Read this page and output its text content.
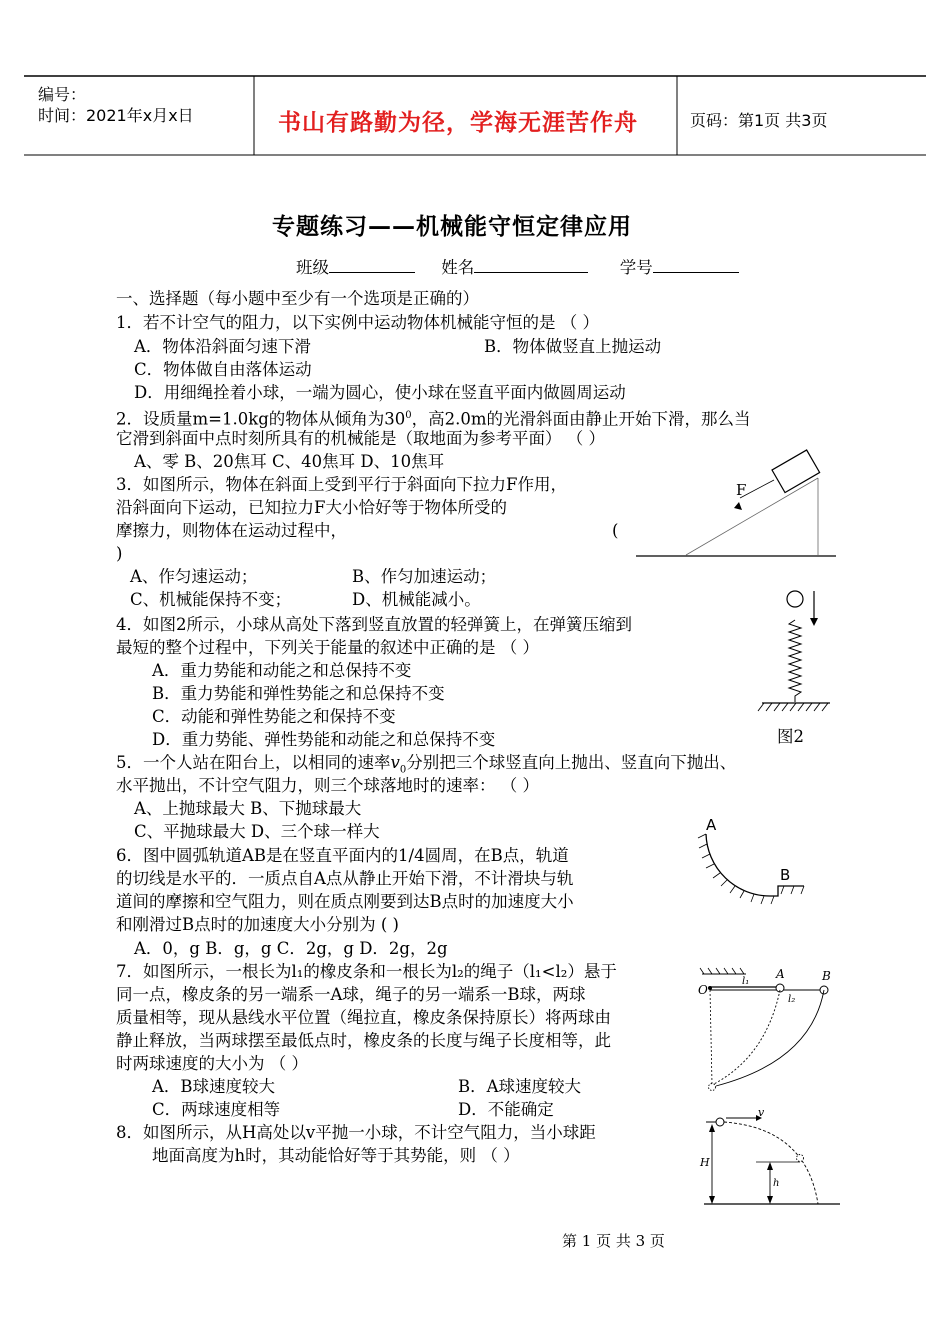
编号：
时间：2021年x月x日	书山有路勤为径，学海无涯苦作舟	页码：第1页 共3页
专题练习——机械能守恒定律应用
班级	姓名	学号
一、选择题（每小题中至少有一个选项是正确的）
1．若不计空气的阻力，以下实例中运动物体机械能守恒的是 （ ）
A．物体沿斜面匀速下滑	B．物体做竖直上抛运动
C．物体做自由落体运动
D．用细绳拴着小球，一端为圆心，使小球在竖直平面内做圆周运动
2．设质量m=1.0kg的物体从倾角为$30^0$，高2.0m的光滑斜面由静止开始下滑，那么当
它滑到斜面中点时刻所具有的机械能是（取地面为参考平面） （ ）
A、零 B、20焦耳 C、40焦耳 D、10焦耳
3．如图所示，物体在斜面上受到平行于斜面向下拉力F作用，
沿斜面向下运动，已知拉力F大小恰好等于物体所受的
摩擦力，则物体在运动过程中，	(
)
A、作匀速运动；	B、作匀加速运动；
C、机械能保持不变；	D、机械能减小。
F
4．如图2所示，小球从高处下落到竖直放置的轻弹簧上，在弹簧压缩到
最短的整个过程中，下列关于能量的叙述中正确的是 （ ）
A．重力势能和动能之和总保持不变
B．重力势能和弹性势能之和总保持不变
C．动能和弹性势能之和保持不变
D．重力势能、弹性势能和动能之和总保持不变	图2
5．一个人站在阳台上，以相同的速率$v_0$分别把三个球竖直向上抛出、竖直向下抛出、
水平抛出，不计空气阻力，则三个球落地时的速率： （ ）
A、上抛球最大 B、下抛球最大
C、平抛球最大 D、三个球一样大
6．图中圆弧轨道AB是在竖直平面内的1/4圆周，在B点，轨道
的切线是水平的．一质点自A点从静止开始下滑，不计滑块与轨
道间的摩擦和空气阻力，则在质点刚要到达B点时的加速度大小
和刚滑过B点时的加速度大小分别为 ( )
A．0，g B．g，g C．2g，g D．2g，2g
A
B
7．如图所示，一根长为l₁的橡皮条和一根长为l₂的绳子（l₁<l₂）悬于
同一点，橡皮条的另一端系一A球，绳子的另一端系一B球，两球
质量相等，现从悬线水平位置（绳拉直，橡皮条保持原长）将两球由
静止释放，当两球摆至最低点时，橡皮条的长度与绳子长度相等，此
时两球速度的大小为 （ ）
A．B球速度较大	B．A球速度较大
C．两球速度相等	D．不能确定
O
A	B
l₁
l₂
8．如图所示，从H高处以v平抛一小球，不计空气阻力，当小球距
地面高度为h时，其动能恰好等于其势能，则 （ ）
v
H
h
第 1 页 共 3 页
